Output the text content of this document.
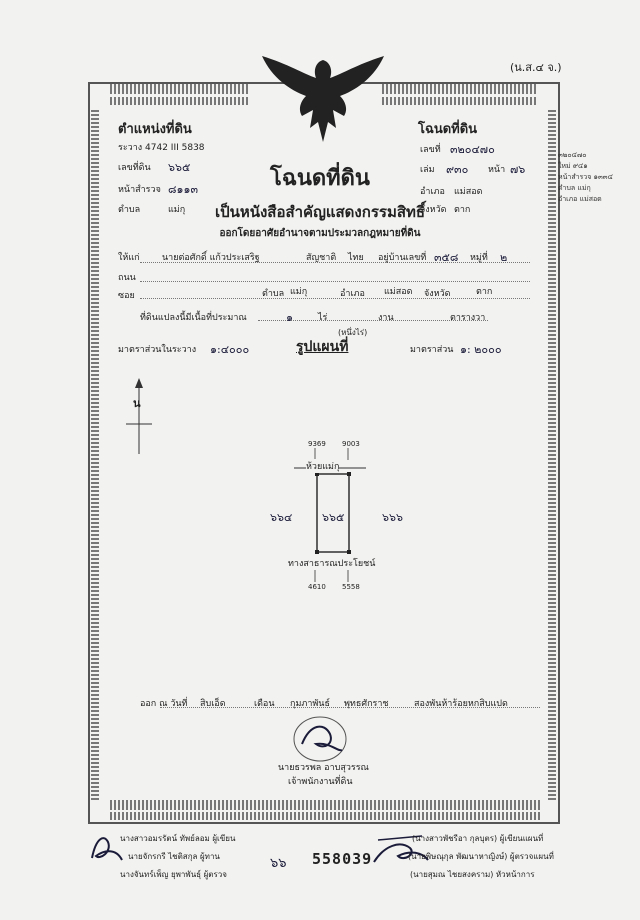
(น.ส.๔ จ.)
ตำแหน่งที่ดิน
ระวาง 4742 III 5838
เลขที่ดิน ๖๖๕
หน้าสำรวจ ๘๑๑๓
ตำบล	แม่กุ
โฉนดที่ดิน
เลขที่ ๓๒๐๔๗๐
เล่ม ๙๓๐ หน้า ๗๖
อำเภอ แม่สอด
จังหวัด ตาก
๓๒๐๔๗๐
ใหม่ ๙๔๑
หน้าสำรวจ ๑๓๓๔
ตำบล แม่กุ
อำเภอ แม่สอด
โฉนดที่ดิน
เป็นหนังสือสำคัญแสดงกรรมสิทธิ์
ออกโดยอาศัยอำนาจตามประมวลกฎหมายที่ดิน
ให้แก่ นายต่อศักดิ์ แก้วประเสริฐ	สัญชาติ ไทย อยู่บ้านเลขที่ ๓๕๘ หมู่ที่ ๒
ถนน
ซอย	ตำบล แม่กุ	อำเภอ แม่สอด จังหวัด	ตาก
ที่ดินแปลงนี้มีเนื้อที่ประมาณ	๑	ไร่	งาน	ตารางวา
(หนึ่งไร่)
มาตราส่วนในระวาง ๑:๔๐๐๐	รูปแผนที่	มาตราส่วน ๑: ๒๐๐๐
น
9369 9003
ห้วยแม่กุ
๖๖๔	๖๖๕	๖๖๖
ทางสาธารณประโยชน์
4610 5558
ออก ณ วันที่ สิบเอ็ด	เดือน กุมภาพันธ์ พุทธศักราช	สองพันห้าร้อยหกสิบแปด
นายธวรพล อาบสุวรรณ
เจ้าพนักงานที่ดิน
นางสาวอมรรัตน์ ทัพย์ลอม ผู้เขียน
นายจักรกรี ไชติสกุล ผู้ทาน
นางจันทร์เพ็ญ ยุพาพันธุ์ ผู้ตรวจ
๖๖ 558039
(นางสาวพัชรีอา กุลบุตร) ผู้เขียนแผนที่
(นายพิษณุกุล พัฒนาหาญิงษ์) ผู้ตรวจแผนที่
(นายสุมณ ไชยสงคราม) หัวหน้าการ
